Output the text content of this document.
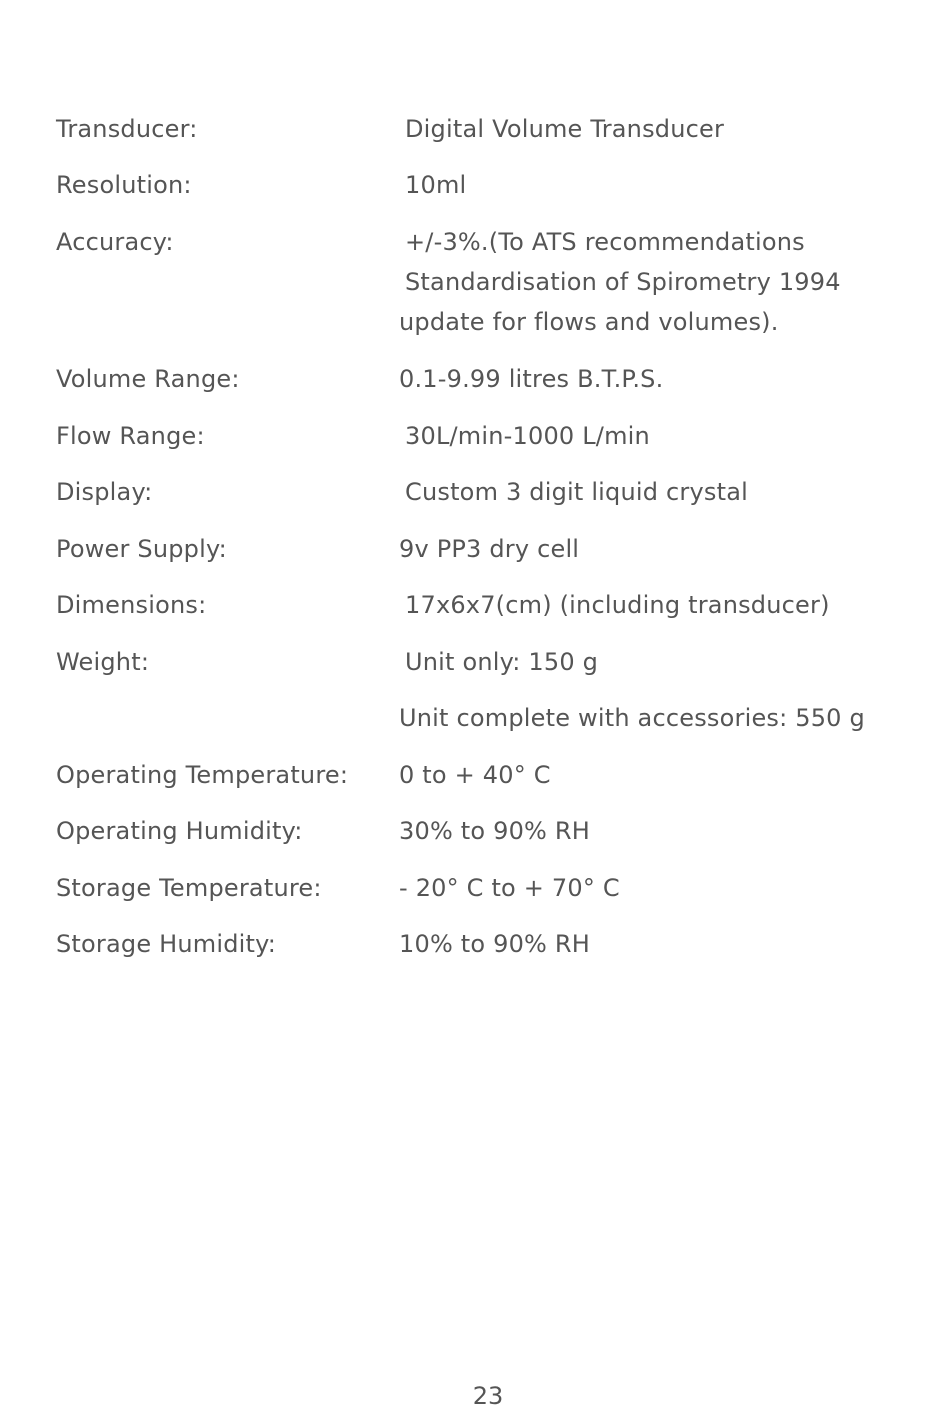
Transducer:	Digital Volume Transducer
Resolution:	10ml
Accuracy:	+/-3%.(To ATS recommendations
Standardisation of Spirometry 1994
update for flows and volumes).
Volume Range:	0.1-9.99 litres B.T.P.S.
Flow Range:	30L/min-1000 L/min
Display:	Custom 3 digit liquid crystal
Power Supply:	9v PP3 dry cell
Dimensions:	17x6x7(cm) (including transducer)
Weight:	Unit only: 150 g
Unit complete with accessories: 550 g
Operating Temperature: 0 to + 40° C
Operating Humidity:	30% to 90% RH
Storage Temperature:	- 20° C to + 70° C
Storage Humidity:	10% to 90% RH
23
